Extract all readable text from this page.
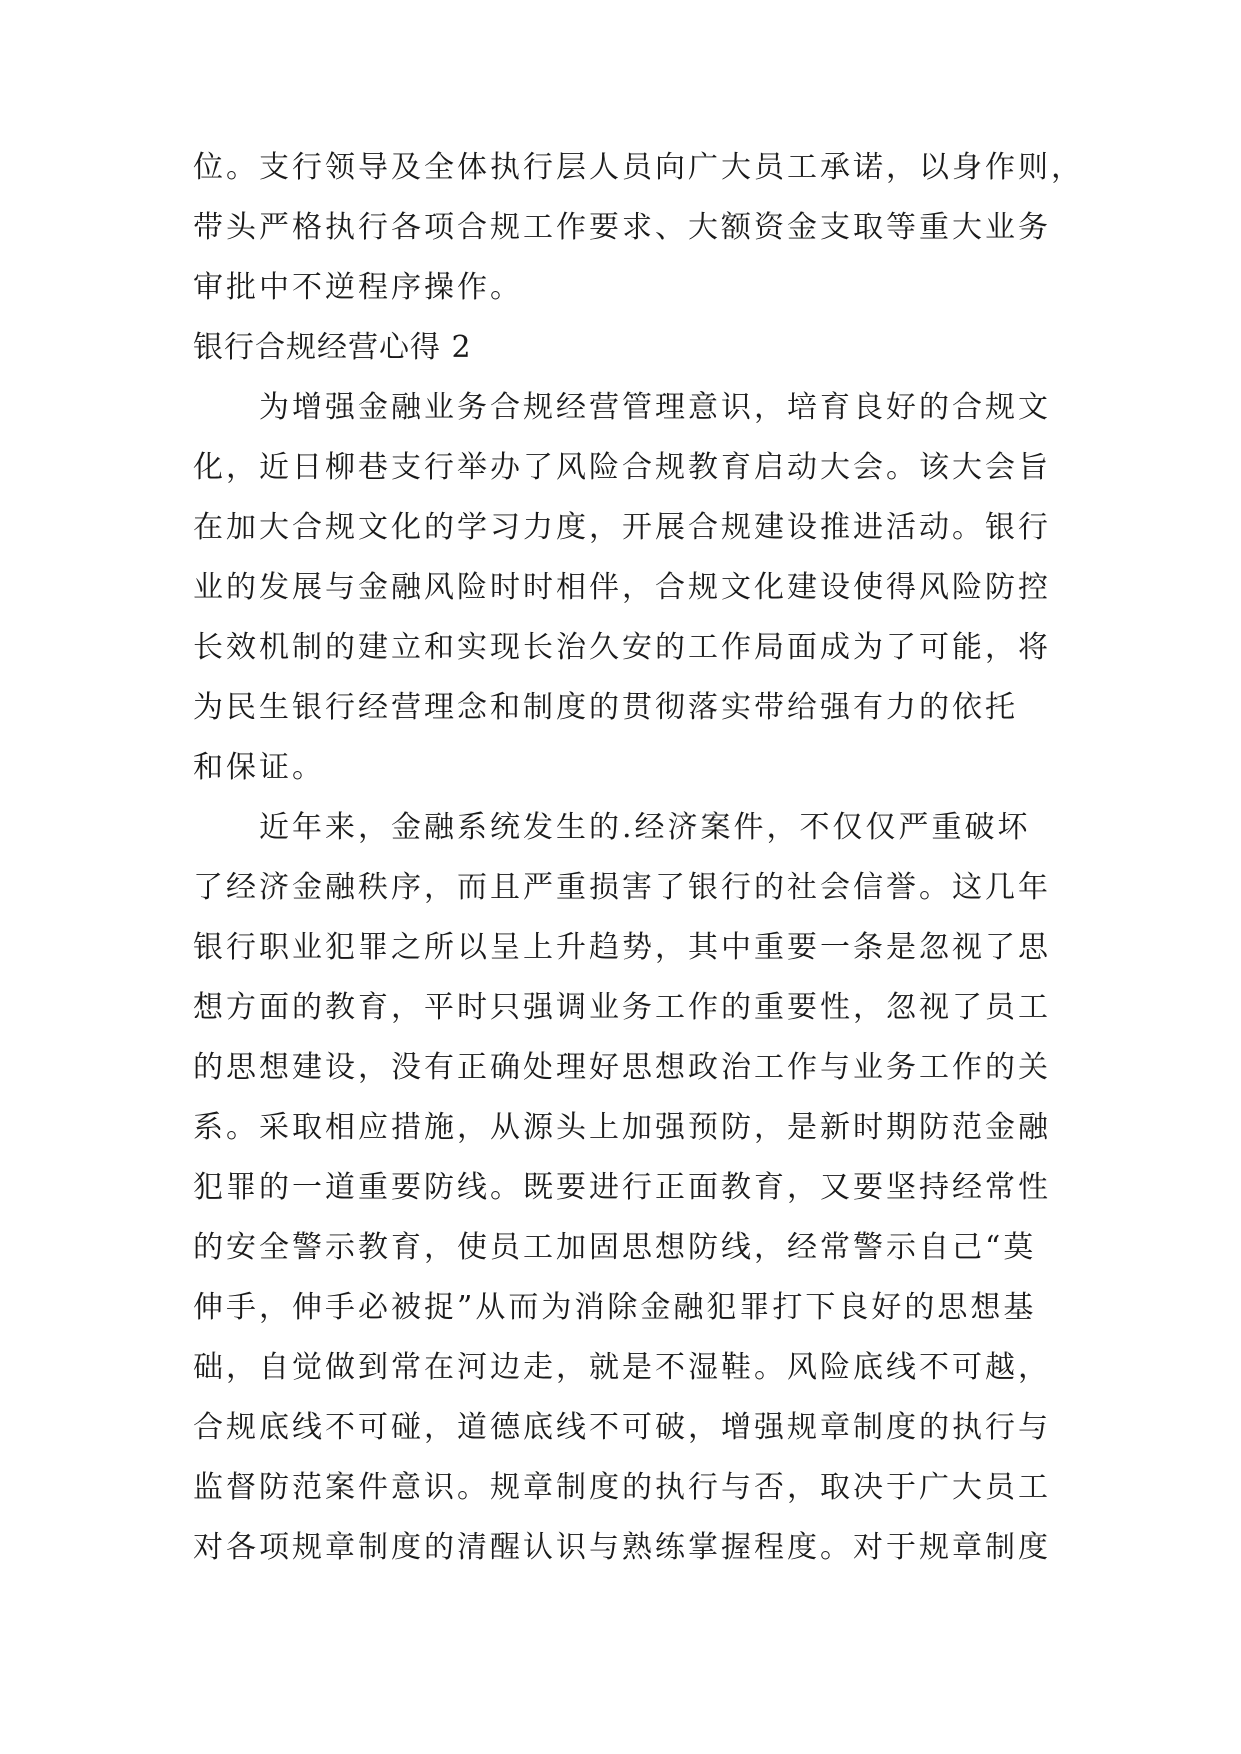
位。支行领导及全体执行层人员向广大员工承诺，以身作则，
带头严格执行各项合规工作要求、大额资金支取等重大业务
审批中不逆程序操作。
银行合规经营心得 2
为增强金融业务合规经营管理意识，培育良好的合规文
化，近日柳巷支行举办了风险合规教育启动大会。该大会旨
在加大合规文化的学习力度，开展合规建设推进活动。银行
业的发展与金融风险时时相伴，合规文化建设使得风险防控
长效机制的建立和实现长治久安的工作局面成为了可能，将
为民生银行经营理念和制度的贯彻落实带给强有力的依托
和保证。
近年来，金融系统发生的.经济案件，不仅仅严重破坏
了经济金融秩序，而且严重损害了银行的社会信誉。这几年
银行职业犯罪之所以呈上升趋势，其中重要一条是忽视了思
想方面的教育，平时只强调业务工作的重要性，忽视了员工
的思想建设，没有正确处理好思想政治工作与业务工作的关
系。采取相应措施，从源头上加强预防，是新时期防范金融
犯罪的一道重要防线。既要进行正面教育，又要坚持经常性
的安全警示教育，使员工加固思想防线，经常警示自己“莫
伸手，伸手必被捉”从而为消除金融犯罪打下良好的思想基
础，自觉做到常在河边走，就是不湿鞋。风险底线不可越，
合规底线不可碰，道德底线不可破，增强规章制度的执行与
监督防范案件意识。规章制度的执行与否，取决于广大员工
对各项规章制度的清醒认识与熟练掌握程度。对于规章制度
